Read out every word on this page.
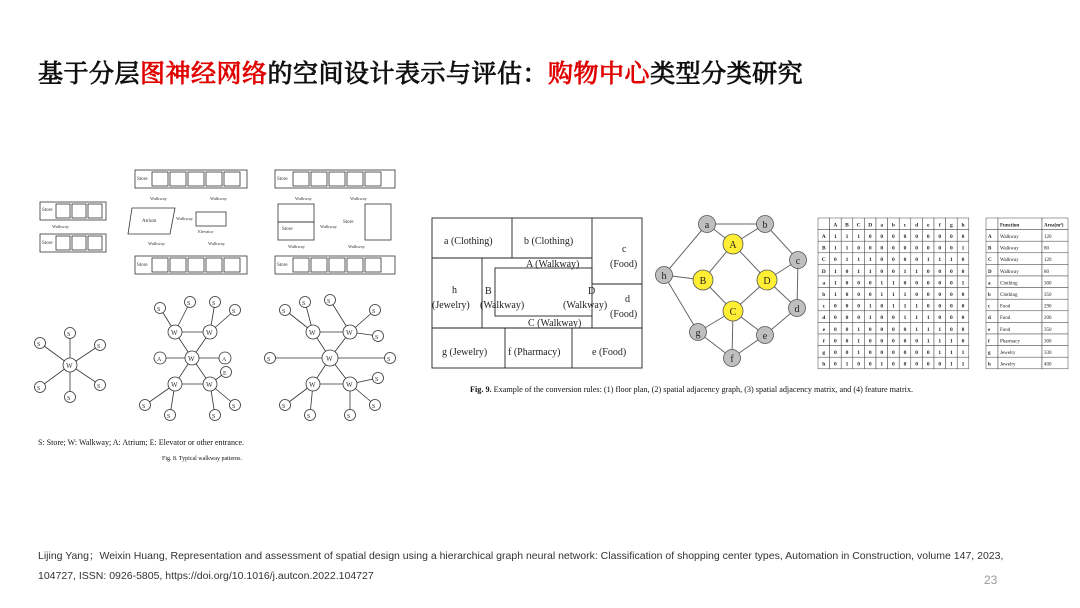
基于分层图神经网络的空间设计表示与评估：购物中心类型分类研究
Store
Walkway	Walkway
Store
Walkway
Store
Atrium
Elevator
Walkway
Walkway	Walkway
Store
Store
Walkway	Walkway
Store
Store
Walkway
Walkway	Walkway
Store
W
S
S
S
S
S
S
W	W
W
A	A
W	W
E
S
S	S
S
S
S	S
S
W	W
W
W	W
S	S
S
S	S
S
S
S	S
S
S
S
S: Store; W: Walkway; A: Atrium; E: Elevator or other entrance.
Fig. 8. Typical walkway patterns.
a (Clothing)	b (Clothing)
c
(Food)
A (Walkway)
h
(Jewelry)
B
(Walkway)
D
(Walkway)
d
(Food)
C (Walkway)
g (Jewelry) f (Pharmacy)	e (Food)
a	b
c
d
e
f
g
h
A
B
C
D
A B C D a b c d e f g h
A 1 1 1 0 0 0 0 0 0 0 0 0
B 1 1 0 0 0 0 0 0 0 0 0 1
C 0 1 1 1 0 0 0 0 1 1 1 0
D 1 0 1 1 0 0 1 1 0 0 0 0
a 1 0 0 0 1 1 0 0 0 0 0 1
b 1 0 0 0 1 1 1 0 0 0 0 0
c 0 0 0 1 0 1 1 1 0 0 0 0
d 0 0 0 1 0 0 1 1 1 0 0 0
e 0 0 1 0 0 0 0 1 1 1 0 0
f 0 0 1 0 0 0 0 0 1 1 1 0
g 0 0 1 0 0 0 0 0 0 1 1 1
h 0 1 0 0 1 0 0 0 0 0 1 1
Function	Area(m²)
A Walkway	120
B Walkway	80
C Walkway	120
D Walkway	80
a Clothing	300
b Clothing	350
c Food	290
d Food	200
e Food	350
f Pharmacy	300
g Jewelry	330
h Jewelry	400
Fig. 9. Example of the conversion rules: (1) floor plan, (2) spatial adjacency graph, (3) spatial adjacency matrix, and (4) feature matrix.
Lijing Yang；Weixin Huang, Representation and assessment of spatial design using a hierarchical graph neural network: Classification of shopping center types, Automation in Construction, volume 147, 2023, 104727, ISSN: 0926-5805, https://doi.org/10.1016/j.autcon.2022.104727	23
